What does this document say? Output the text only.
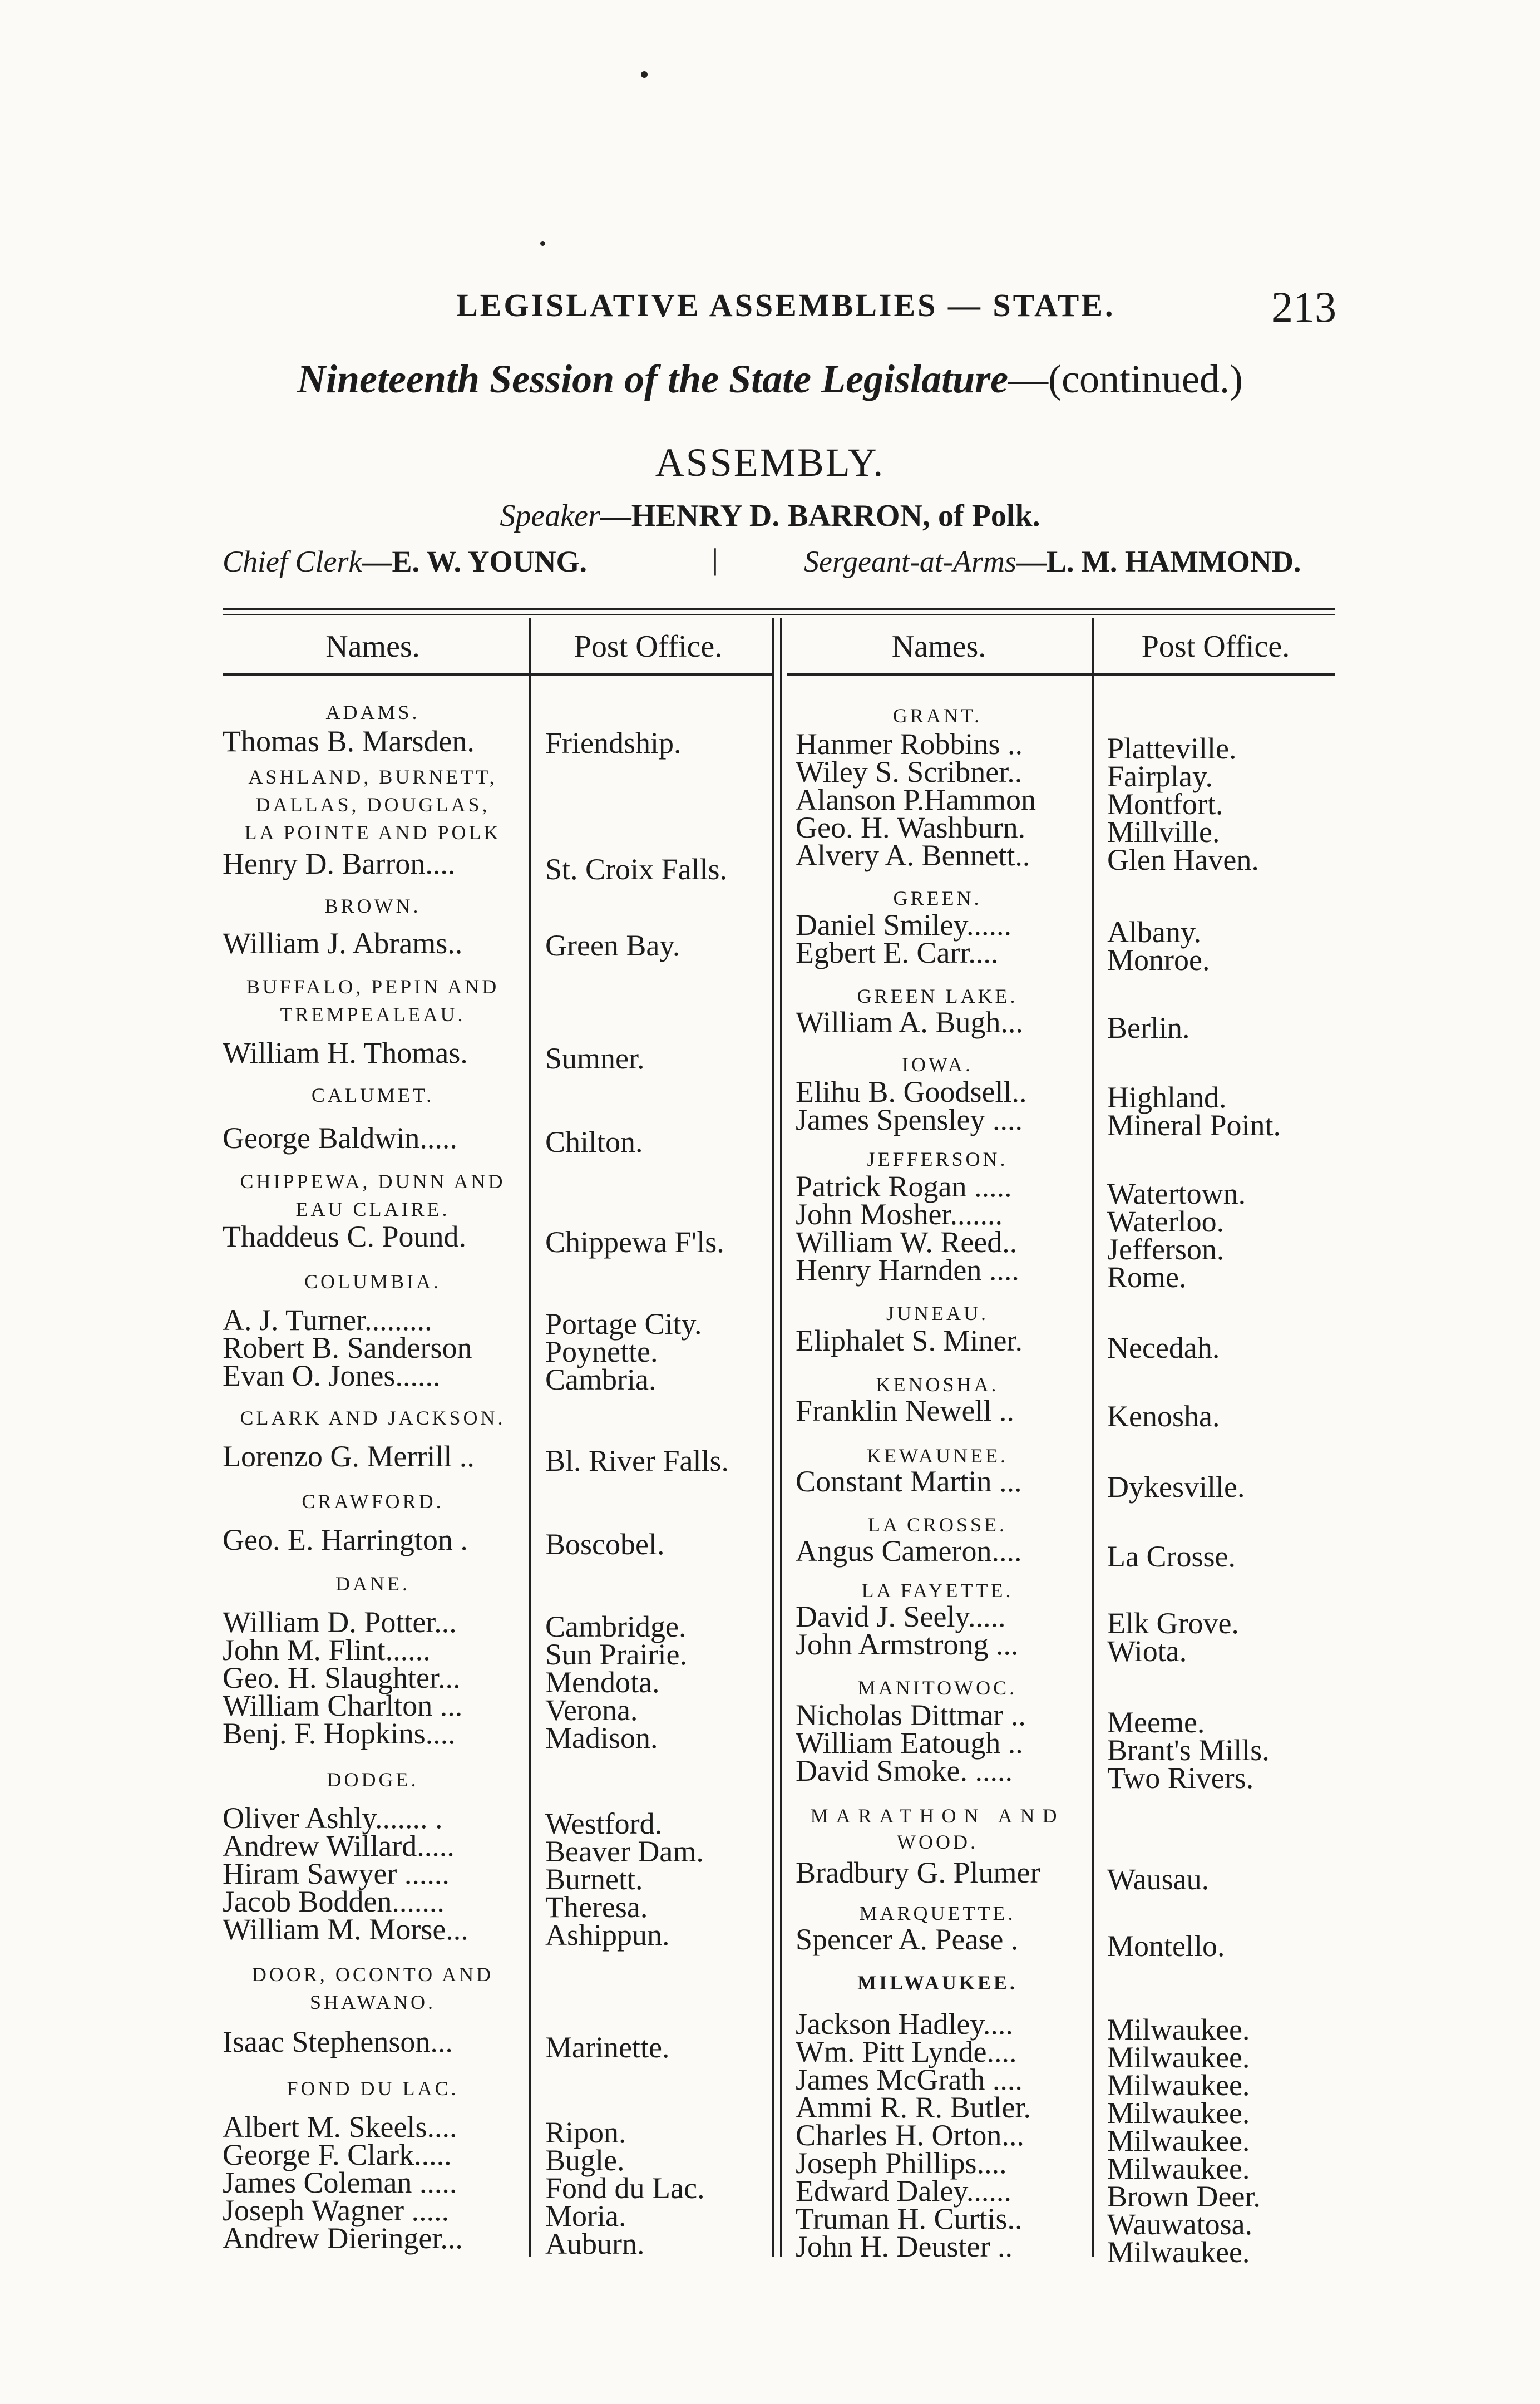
LEGISLATIVE ASSEMBLIES — STATE.	213
Nineteenth Session of the State Legislature—(continued.)
ASSEMBLY.
Speaker—HENRY D. BARRON, of Polk.
Chief Clerk—E. W. YOUNG.	|	Sergeant-at-Arms—L. M. HAMMOND.
Names.	Post Office.	Names.	Post Office.
ADAMS.
Thomas B. Marsden. Friendship.
ASHLAND, BURNETT,
DALLAS, DOUGLAS,
LA POINTE AND POLK
Henry D. Barron....	St. Croix Falls.
BROWN.
William J. Abrams..	Green Bay.
BUFFALO, PEPIN AND
TREMPEALEAU.
William H. Thomas.	Sumner.
CALUMET.
George Baldwin.....	Chilton.
CHIPPEWA, DUNN AND
EAU CLAIRE.
Thaddeus C. Pound.	Chippewa F'ls.
COLUMBIA.
A. J. Turner.........	Portage City.
Robert B. Sanderson Poynette.
Evan O. Jones......	Cambria.
CLARK AND JACKSON.
Lorenzo G. Merrill .. Bl. River Falls.
CRAWFORD.
Geo. E. Harrington .	Boscobel.
DANE.
William D. Potter...	Cambridge.
John M. Flint......	Sun Prairie.
Geo. H. Slaughter...	Mendota.
William Charlton ...	Verona.
Benj. F. Hopkins....	Madison.
DODGE.
Oliver Ashly....... .	Westford.
Andrew Willard.....	Beaver Dam.
Hiram Sawyer ......	Burnett.
Jacob Bodden.......	Theresa.
William M. Morse...	Ashippun.
DOOR, OCONTO AND
SHAWANO.
Isaac Stephenson...	Marinette.
FOND DU LAC.
Albert M. Skeels....	Ripon.
George F. Clark.....	Bugle.
James Coleman .....	Fond du Lac.
Joseph Wagner .....	Moria.
Andrew Dieringer...	Auburn.
GRANT.
Hanmer Robbins ..	Platteville.
Wiley S. Scribner..	Fairplay.
Alanson P.Hammon Montfort.
Geo. H. Washburn.	Millville.
Alvery A. Bennett..	Glen Haven.
GREEN.
Daniel Smiley......	Albany.
Egbert E. Carr....	Monroe.
GREEN LAKE.
William A. Bugh...	Berlin.
IOWA.
Elihu B. Goodsell..	Highland.
James Spensley ....	Mineral Point.
JEFFERSON.
Patrick Rogan .....	Watertown.
John Mosher.......	Waterloo.
William W. Reed..	Jefferson.
Henry Harnden ....	Rome.
JUNEAU.
Eliphalet S. Miner.	Necedah.
KENOSHA.
Franklin Newell ..	Kenosha.
KEWAUNEE.
Constant Martin ...	Dykesville.
LA CROSSE.
Angus Cameron....	La Crosse.
LA FAYETTE.
David J. Seely.....	Elk Grove.
John Armstrong ...	Wiota.
MANITOWOC.
Nicholas Dittmar ..	Meeme.
William Eatough ..	Brant's Mills.
David Smoke. .....	Two Rivers.
MARATHON AND
WOOD.
Bradbury G. Plumer Wausau.
MARQUETTE.
Spencer A. Pease .	Montello.
MILWAUKEE.
Jackson Hadley....	Milwaukee.
Wm. Pitt Lynde....	Milwaukee.
James McGrath ....	Milwaukee.
Ammi R. R. Butler.	Milwaukee.
Charles H. Orton...	Milwaukee.
Joseph Phillips....	Milwaukee.
Edward Daley......	Brown Deer.
Truman H. Curtis..	Wauwatosa.
John H. Deuster ..	Milwaukee.
